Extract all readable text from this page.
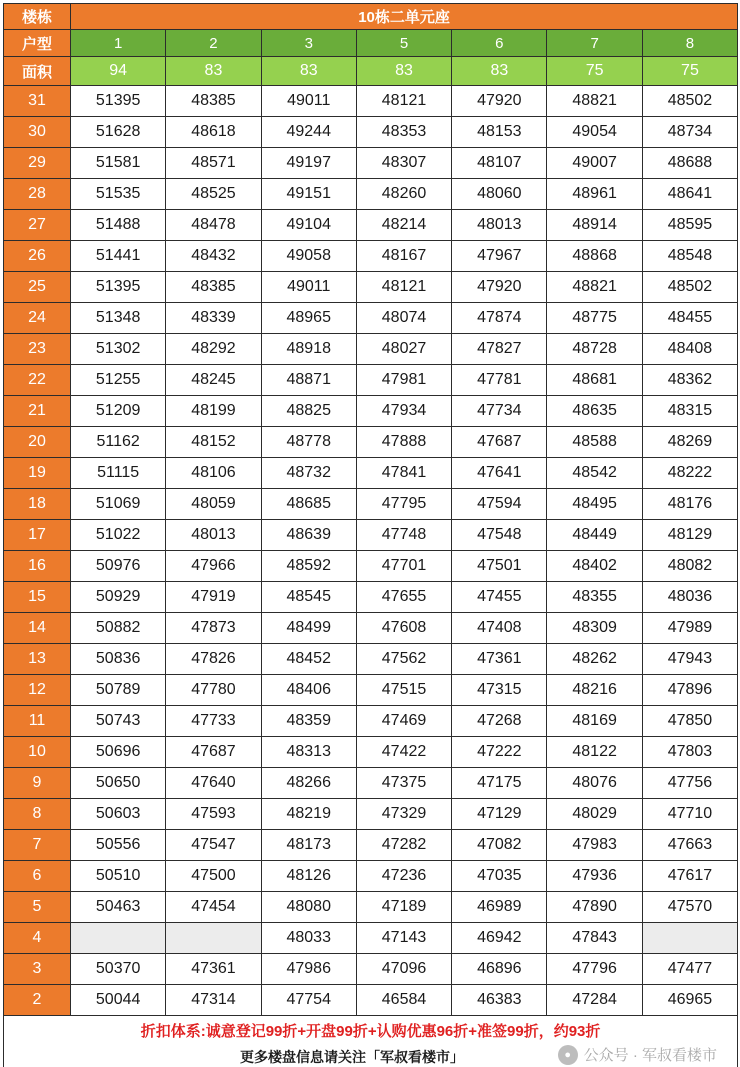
楼栋	10栋二单元座						
户型	1	2	3	5	6	7	8
面积	94	83	83	83	83	75	75
31	51395	48385	49011	48121	47920	48821	48502
30	51628	48618	49244	48353	48153	49054	48734
29	51581	48571	49197	48307	48107	49007	48688
28	51535	48525	49151	48260	48060	48961	48641
27	51488	48478	49104	48214	48013	48914	48595
26	51441	48432	49058	48167	47967	48868	48548
25	51395	48385	49011	48121	47920	48821	48502
24	51348	48339	48965	48074	47874	48775	48455
23	51302	48292	48918	48027	47827	48728	48408
22	51255	48245	48871	47981	47781	48681	48362
21	51209	48199	48825	47934	47734	48635	48315
20	51162	48152	48778	47888	47687	48588	48269
19	51115	48106	48732	47841	47641	48542	48222
18	51069	48059	48685	47795	47594	48495	48176
17	51022	48013	48639	47748	47548	48449	48129
16	50976	47966	48592	47701	47501	48402	48082
15	50929	47919	48545	47655	47455	48355	48036
14	50882	47873	48499	47608	47408	48309	47989
13	50836	47826	48452	47562	47361	48262	47943
12	50789	47780	48406	47515	47315	48216	47896
11	50743	47733	48359	47469	47268	48169	47850
10	50696	47687	48313	47422	47222	48122	47803
9	50650	47640	48266	47375	47175	48076	47756
8	50603	47593	48219	47329	47129	48029	47710
7	50556	47547	48173	47282	47082	47983	47663
6	50510	47500	48126	47236	47035	47936	47617
5	50463	47454	48080	47189	46989	47890	47570
4			48033	47143	46942	47843	
3	50370	47361	47986	47096	46896	47796	47477
2	50044	47314	47754	46584	46383	47284	46965

折扣体系:诚意登记99折+开盘99折+认购优惠96折+准签99折，约93折
更多楼盘信息请关注「军叔看楼市」								● 公众号 · 军叔看楼市
